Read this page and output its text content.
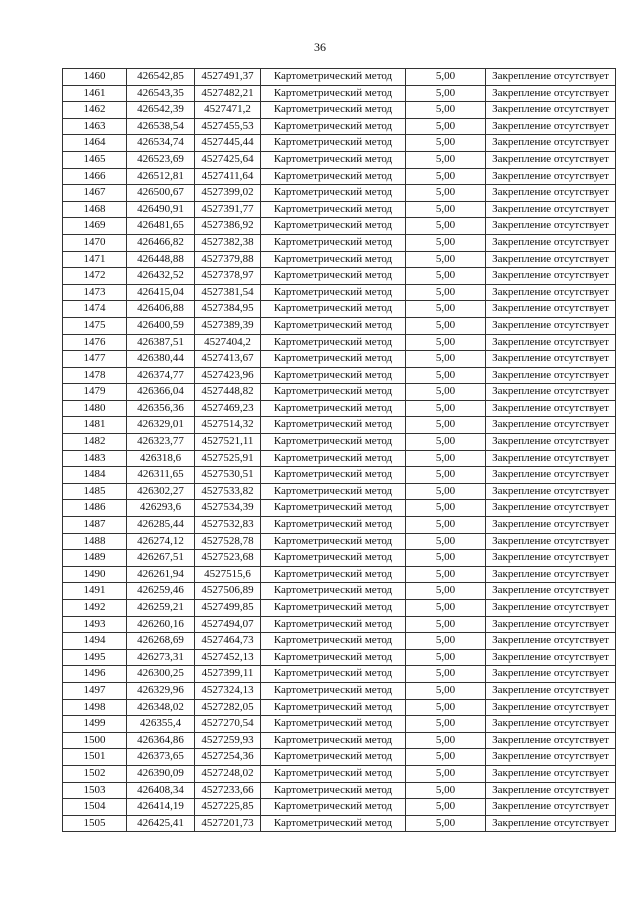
36
1460	426542,85	4527491,37	Картометрический метод	5,00	Закрепление отсутствует
1461	426543,35	4527482,21	Картометрический метод	5,00	Закрепление отсутствует
1462	426542,39	4527471,2	Картометрический метод	5,00	Закрепление отсутствует
1463	426538,54	4527455,53	Картометрический метод	5,00	Закрепление отсутствует
1464	426534,74	4527445,44	Картометрический метод	5,00	Закрепление отсутствует
1465	426523,69	4527425,64	Картометрический метод	5,00	Закрепление отсутствует
1466	426512,81	4527411,64	Картометрический метод	5,00	Закрепление отсутствует
1467	426500,67	4527399,02	Картометрический метод	5,00	Закрепление отсутствует
1468	426490,91	4527391,77	Картометрический метод	5,00	Закрепление отсутствует
1469	426481,65	4527386,92	Картометрический метод	5,00	Закрепление отсутствует
1470	426466,82	4527382,38	Картометрический метод	5,00	Закрепление отсутствует
1471	426448,88	4527379,88	Картометрический метод	5,00	Закрепление отсутствует
1472	426432,52	4527378,97	Картометрический метод	5,00	Закрепление отсутствует
1473	426415,04	4527381,54	Картометрический метод	5,00	Закрепление отсутствует
1474	426406,88	4527384,95	Картометрический метод	5,00	Закрепление отсутствует
1475	426400,59	4527389,39	Картометрический метод	5,00	Закрепление отсутствует
1476	426387,51	4527404,2	Картометрический метод	5,00	Закрепление отсутствует
1477	426380,44	4527413,67	Картометрический метод	5,00	Закрепление отсутствует
1478	426374,77	4527423,96	Картометрический метод	5,00	Закрепление отсутствует
1479	426366,04	4527448,82	Картометрический метод	5,00	Закрепление отсутствует
1480	426356,36	4527469,23	Картометрический метод	5,00	Закрепление отсутствует
1481	426329,01	4527514,32	Картометрический метод	5,00	Закрепление отсутствует
1482	426323,77	4527521,11	Картометрический метод	5,00	Закрепление отсутствует
1483	426318,6	4527525,91	Картометрический метод	5,00	Закрепление отсутствует
1484	426311,65	4527530,51	Картометрический метод	5,00	Закрепление отсутствует
1485	426302,27	4527533,82	Картометрический метод	5,00	Закрепление отсутствует
1486	426293,6	4527534,39	Картометрический метод	5,00	Закрепление отсутствует
1487	426285,44	4527532,83	Картометрический метод	5,00	Закрепление отсутствует
1488	426274,12	4527528,78	Картометрический метод	5,00	Закрепление отсутствует
1489	426267,51	4527523,68	Картометрический метод	5,00	Закрепление отсутствует
1490	426261,94	4527515,6	Картометрический метод	5,00	Закрепление отсутствует
1491	426259,46	4527506,89	Картометрический метод	5,00	Закрепление отсутствует
1492	426259,21	4527499,85	Картометрический метод	5,00	Закрепление отсутствует
1493	426260,16	4527494,07	Картометрический метод	5,00	Закрепление отсутствует
1494	426268,69	4527464,73	Картометрический метод	5,00	Закрепление отсутствует
1495	426273,31	4527452,13	Картометрический метод	5,00	Закрепление отсутствует
1496	426300,25	4527399,11	Картометрический метод	5,00	Закрепление отсутствует
1497	426329,96	4527324,13	Картометрический метод	5,00	Закрепление отсутствует
1498	426348,02	4527282,05	Картометрический метод	5,00	Закрепление отсутствует
1499	426355,4	4527270,54	Картометрический метод	5,00	Закрепление отсутствует
1500	426364,86	4527259,93	Картометрический метод	5,00	Закрепление отсутствует
1501	426373,65	4527254,36	Картометрический метод	5,00	Закрепление отсутствует
1502	426390,09	4527248,02	Картометрический метод	5,00	Закрепление отсутствует
1503	426408,34	4527233,66	Картометрический метод	5,00	Закрепление отсутствует
1504	426414,19	4527225,85	Картометрический метод	5,00	Закрепление отсутствует
1505	426425,41	4527201,73	Картометрический метод	5,00	Закрепление отсутствует
